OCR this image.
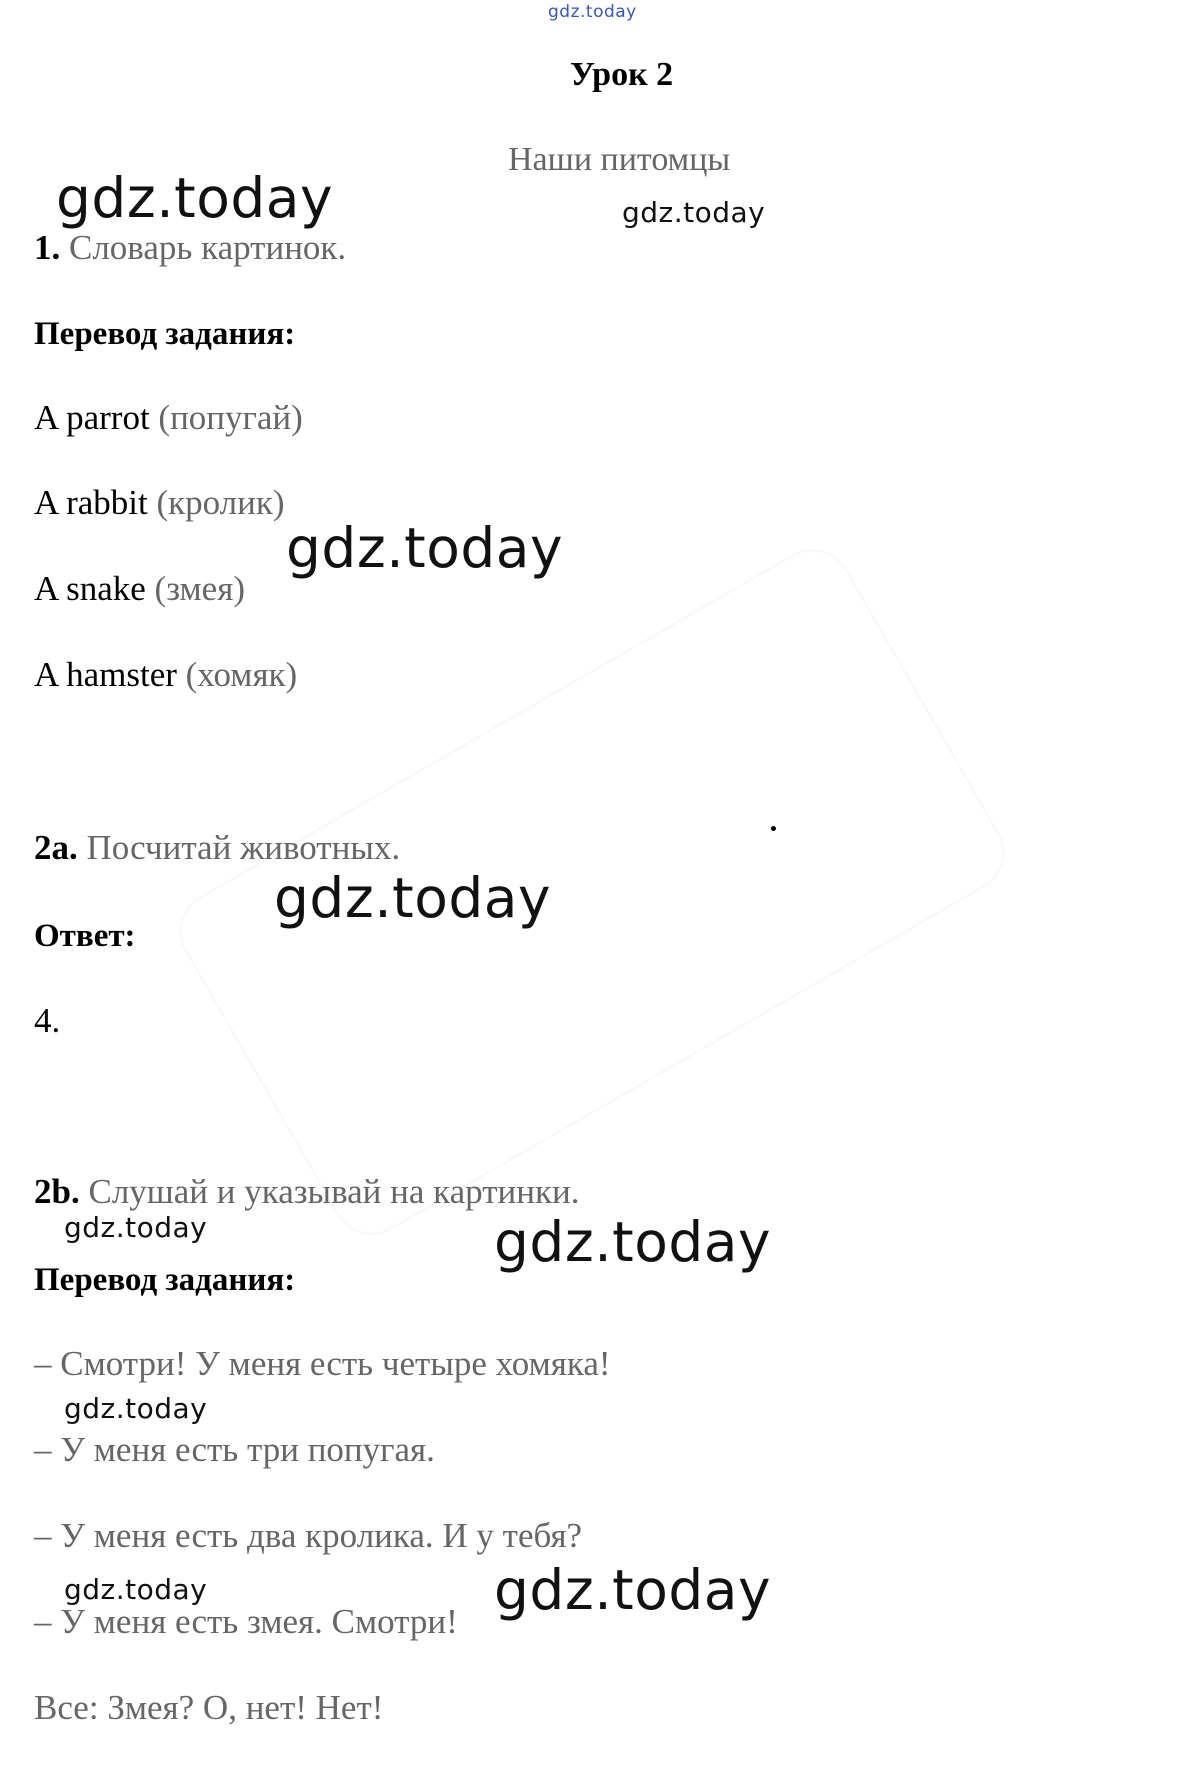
gdz.today
Урок 2
Наши питомцы
gdz.today	gdz.today
1. Словарь картинок.
Перевод задания:
A parrot (попугай)
A rabbit (кролик)
A snake (змея)
A hamster (хомяк)
gdz.today
2a. Посчитай животных.
gdz.today
Ответ:
4.
2b. Слушай и указывай на картинки.
gdz.today	gdz.today
Перевод задания:
– Смотри! У меня есть четыре хомяка!
gdz.today
– У меня есть три попугая.
– У меня есть два кролика. И у тебя?
gdz.today	gdz.today
– У меня есть змея. Смотри!
Все: Змея? О, нет! Нет!
